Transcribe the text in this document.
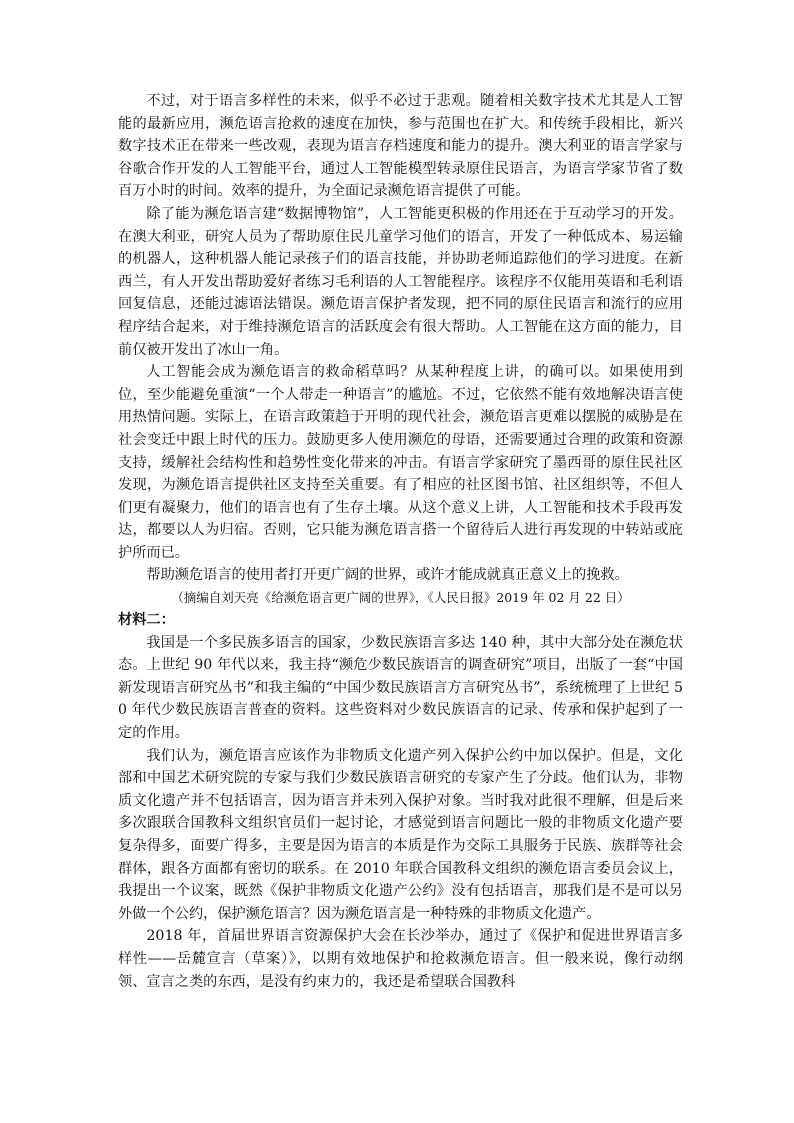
不过，对于语言多样性的未来，似乎不必过于悲观。随着相关数字技术尤其是人工智能的最新应用，濒危语言抢救的速度在加快，参与范围也在扩大。和传统手段相比，新兴数字技术正在带来一些改观，表现为语言存档速度和能力的提升。澳大利亚的语言学家与谷歌合作开发的人工智能平台，通过人工智能模型转录原住民语言，为语言学家节省了数百万小时的时间。效率的提升，为全面记录濒危语言提供了可能。

除了能为濒危语言建“数据博物馆”，人工智能更积极的作用还在于互动学习的开发。在澳大利亚，研究人员为了帮助原住民儿童学习他们的语言，开发了一种低成本、易运输的机器人，这种机器人能记录孩子们的语言技能，并协助老师追踪他们的学习进度。在新西兰，有人开发出帮助爱好者练习毛利语的人工智能程序。该程序不仅能用英语和毛利语回复信息，还能过滤语法错误。濒危语言保护者发现，把不同的原住民语言和流行的应用程序结合起来，对于维持濒危语言的活跃度会有很大帮助。人工智能在这方面的能力，目前仅被开发出了冰山一角。

人工智能会成为濒危语言的救命稻草吗？从某种程度上讲，的确可以。如果使用到位，至少能避免重演“一个人带走一种语言”的尴尬。不过，它依然不能有效地解决语言使用热情问题。实际上，在语言政策趋于开明的现代社会，濒危语言更难以摆脱的威胁是在社会变迁中跟上时代的压力。鼓励更多人使用濒危的母语，还需要通过合理的政策和资源支持，缓解社会结构性和趋势性变化带来的冲击。有语言学家研究了墨西哥的原住民社区发现，为濒危语言提供社区支持至关重要。有了相应的社区图书馆、社区组织等，不但人们更有凝聚力，他们的语言也有了生存土壤。从这个意义上讲，人工智能和技术手段再发达，都要以人为归宿。否则，它只能为濒危语言搭一个留待后人进行再发现的中转站或庇护所而已。

帮助濒危语言的使用者打开更广阔的世界，或许才能成就真正意义上的挽救。

（摘编自刘天亮《给濒危语言更广阔的世界》，《人民日报》2019 年 02 月 22 日）

材料二：

我国是一个多民族多语言的国家，少数民族语言多达 140 种，其中大部分处在濒危状态。上世纪 90 年代以来，我主持“濒危少数民族语言的调查研究”项目，出版了一套“中国新发现语言研究丛书”和我主编的“中国少数民族语言方言研究丛书”，系统梳理了上世纪 50 年代少数民族语言普查的资料。这些资料对少数民族语言的记录、传承和保护起到了一定的作用。

我们认为，濒危语言应该作为非物质文化遗产列入保护公约中加以保护。但是，文化部和中国艺术研究院的专家与我们少数民族语言研究的专家产生了分歧。他们认为，非物质文化遗产并不包括语言，因为语言并未列入保护对象。当时我对此很不理解，但是后来多次跟联合国教科文组织官员们一起讨论，才感觉到语言问题比一般的非物质文化遗产要复杂得多，面要广得多，主要是因为语言的本质是作为交际工具服务于民族、族群等社会群体，跟各方面都有密切的联系。在 2010 年联合国教科文组织的濒危语言委员会议上，我提出一个议案，既然《保护非物质文化遗产公约》没有包括语言，那我们是不是可以另外做一个公约，保护濒危语言？因为濒危语言是一种特殊的非物质文化遗产。

2018 年，首届世界语言资源保护大会在长沙举办，通过了《保护和促进世界语言多样性——岳麓宣言（草案）》，以期有效地保护和抢救濒危语言。但一般来说，像行动纲领、宣言之类的东西，是没有约束力的，我还是希望联合国教科
